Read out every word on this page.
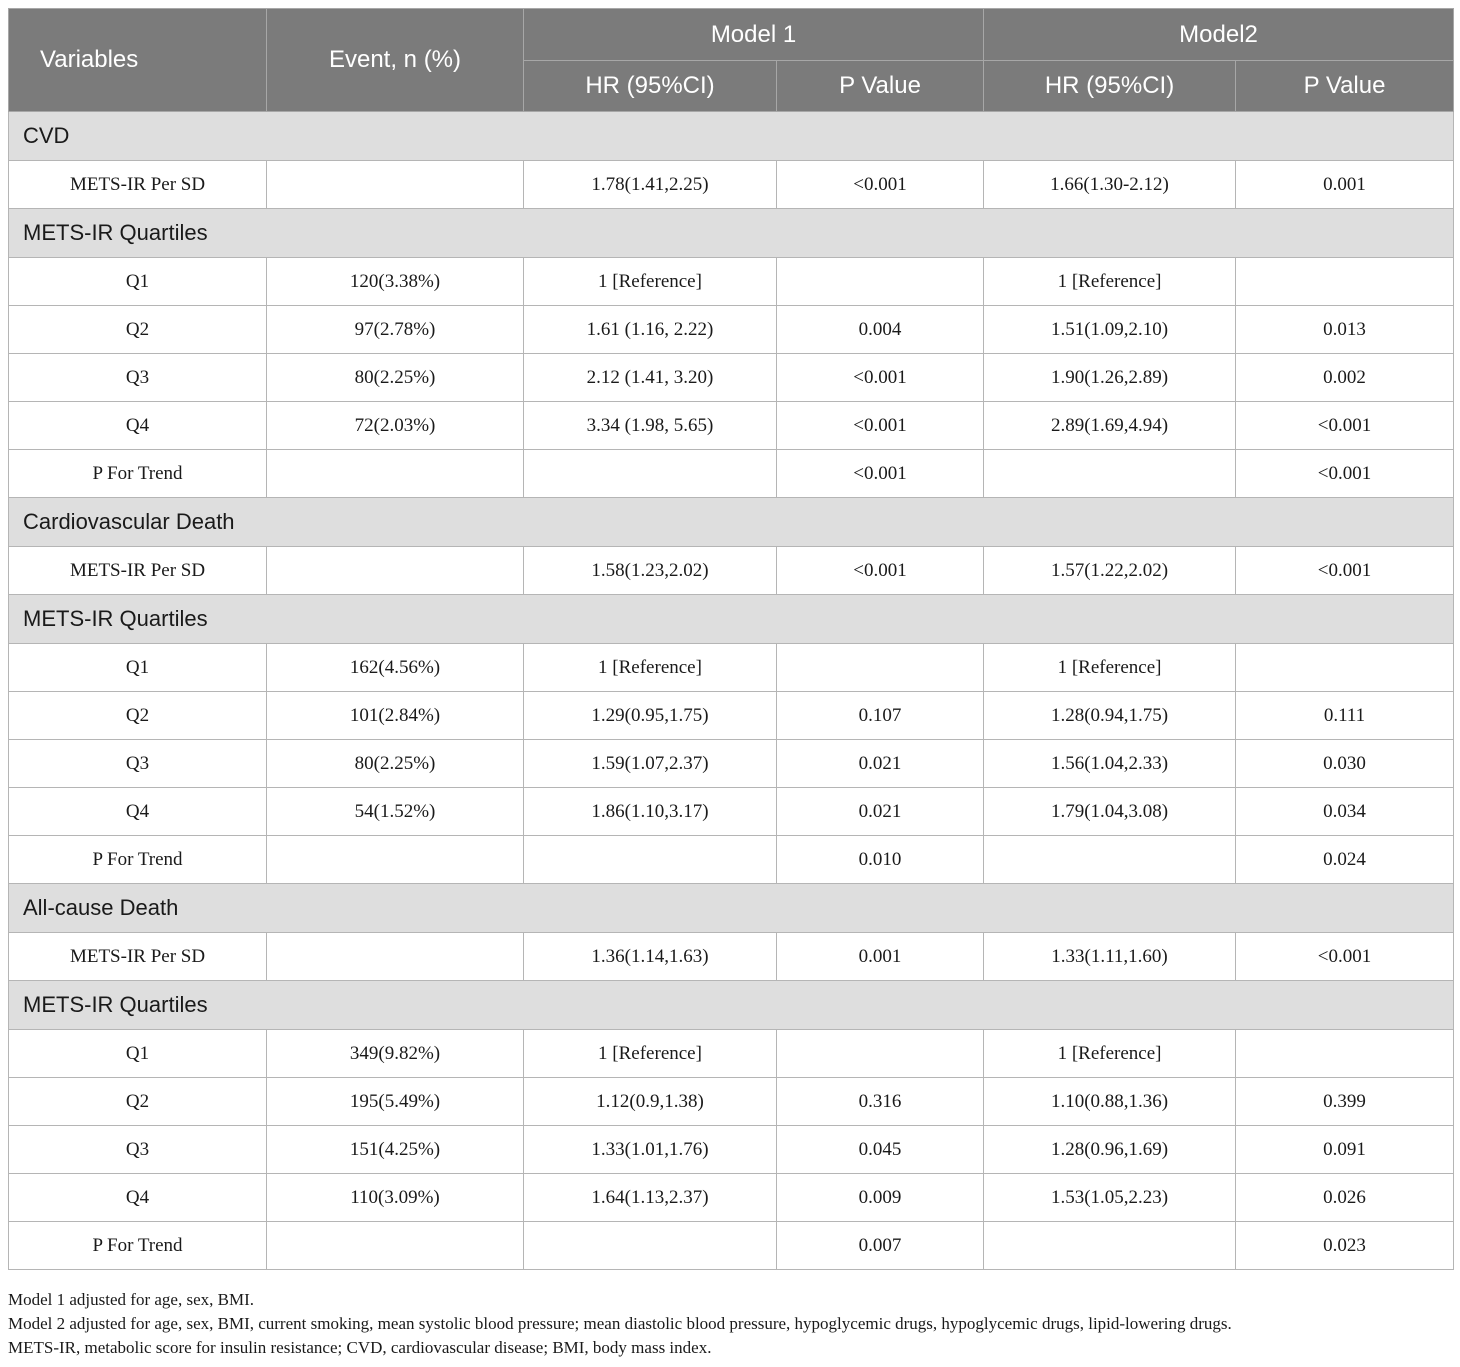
Variables	Event, n (%)	Model 1		Model2	
		HR (95%CI)	P Value	HR (95%CI)	P Value
CVD					
METS-IR Per SD		1.78(1.41,2.25)	<0.001	1.66(1.30-2.12)	0.001
METS-IR Quartiles					
Q1	120(3.38%)	1 [Reference]		1 [Reference]	
Q2	97(2.78%)	1.61 (1.16, 2.22)	0.004	1.51(1.09,2.10)	0.013
Q3	80(2.25%)	2.12 (1.41, 3.20)	<0.001	1.90(1.26,2.89)	0.002
Q4	72(2.03%)	3.34 (1.98, 5.65)	<0.001	2.89(1.69,4.94)	<0.001
P For Trend			<0.001		<0.001
Cardiovascular Death					
METS-IR Per SD		1.58(1.23,2.02)	<0.001	1.57(1.22,2.02)	<0.001
METS-IR Quartiles					
Q1	162(4.56%)	1 [Reference]		1 [Reference]	
Q2	101(2.84%)	1.29(0.95,1.75)	0.107	1.28(0.94,1.75)	0.111
Q3	80(2.25%)	1.59(1.07,2.37)	0.021	1.56(1.04,2.33)	0.030
Q4	54(1.52%)	1.86(1.10,3.17)	0.021	1.79(1.04,3.08)	0.034
P For Trend			0.010		0.024
All-cause Death					
METS-IR Per SD		1.36(1.14,1.63)	0.001	1.33(1.11,1.60)	<0.001
METS-IR Quartiles					
Q1	349(9.82%)	1 [Reference]		1 [Reference]	
Q2	195(5.49%)	1.12(0.9,1.38)	0.316	1.10(0.88,1.36)	0.399
Q3	151(4.25%)	1.33(1.01,1.76)	0.045	1.28(0.96,1.69)	0.091
Q4	110(3.09%)	1.64(1.13,2.37)	0.009	1.53(1.05,2.23)	0.026
P For Trend			0.007		0.023
Model 1 adjusted for age, sex, BMI.
Model 2 adjusted for age, sex, BMI, current smoking, mean systolic blood pressure; mean diastolic blood pressure, hypoglycemic drugs, hypoglycemic drugs, lipid-lowering drugs.
METS-IR, metabolic score for insulin resistance; CVD, cardiovascular disease; BMI, body mass index.
